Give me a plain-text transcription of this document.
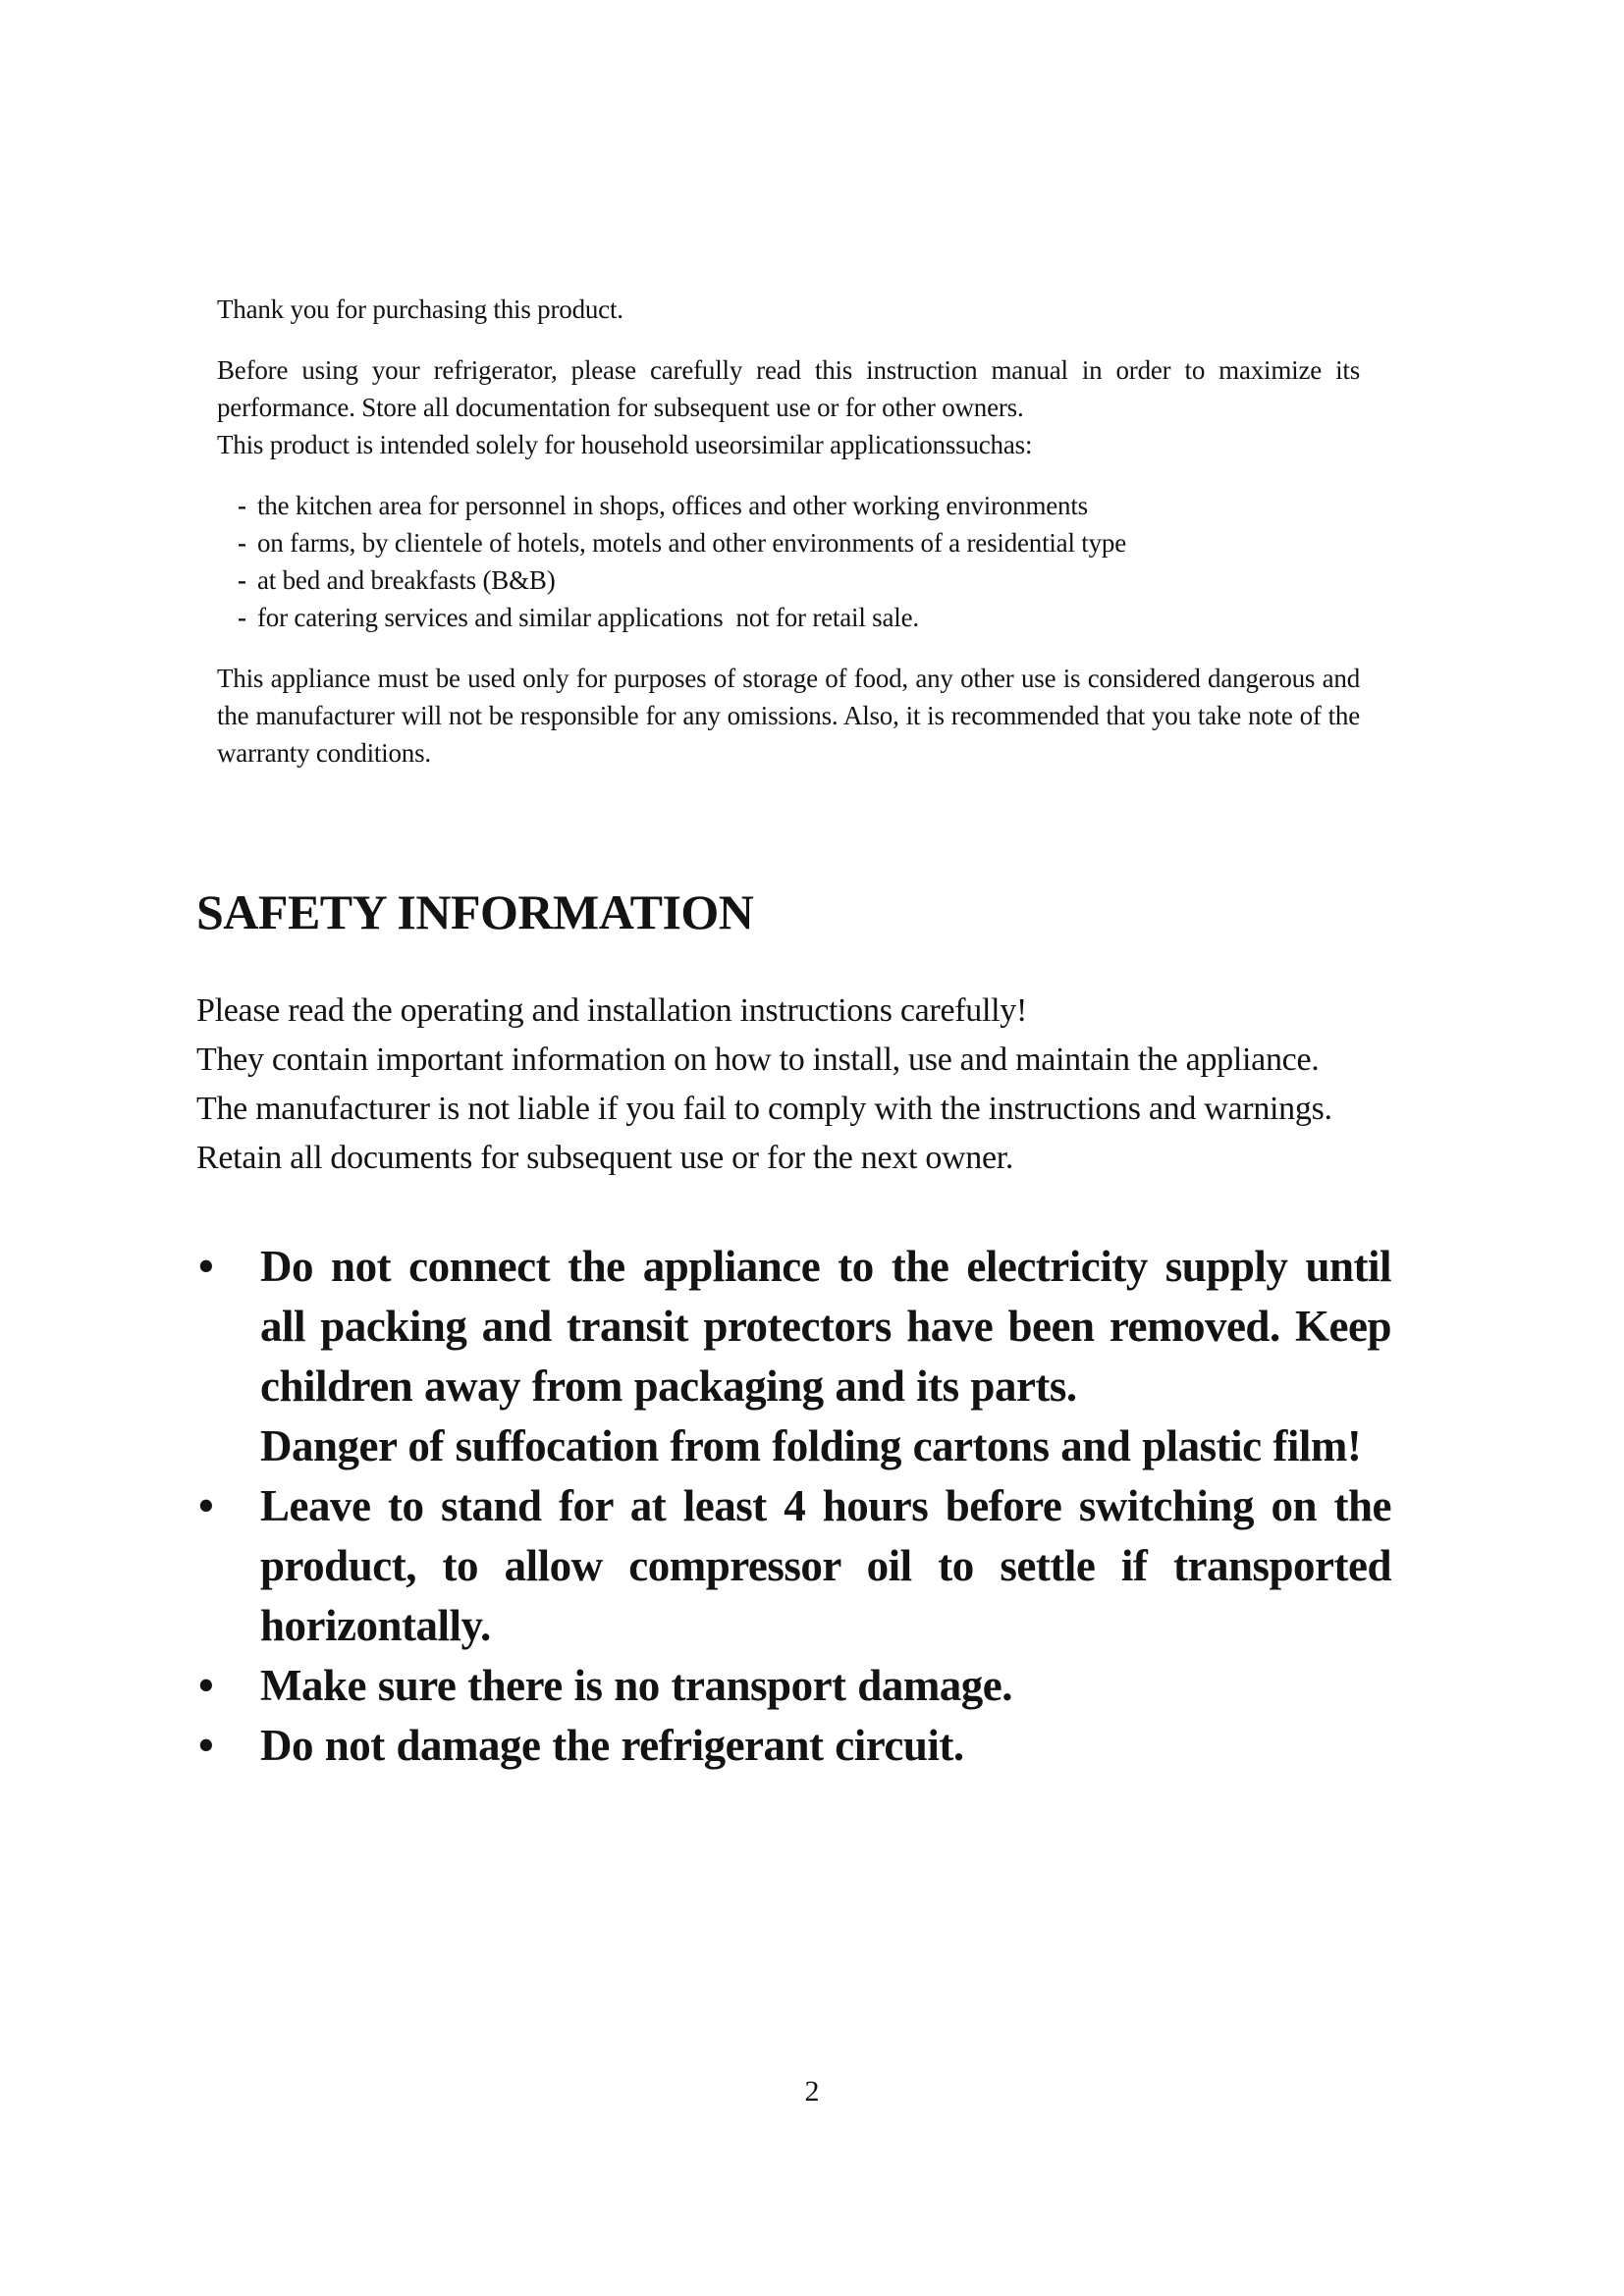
Thank you for purchasing this product.

Before using your refrigerator, please carefully read this instruction manual in order to maximize its performance. Store all documentation for subsequent use or for other owners.

This product is intended solely for household useorsimilar applicationssuchas:

- the kitchen area for personnel in shops, offices and other working environments
- on farms, by clientele of hotels, motels and other environments of a residential type
- at bed and breakfasts (B&B)
- for catering services and similar applications  not for retail sale.

This appliance must be used only for purposes of storage of food, any other use is considered dangerous and the manufacturer will not be responsible for any omissions. Also, it is recommended that you take note of the warranty conditions.

SAFETY INFORMATION

Please read the operating and installation instructions carefully!

They contain important information on how to install, use and maintain the appliance.

The manufacturer is not liable if you fail to comply with the instructions and warnings.

Retain all documents for subsequent use or for the next owner.

•	Do not connect the appliance to the electricity supply until all packing and transit protectors have been removed. Keep children away from packaging and its parts.

Danger of suffocation from folding cartons and plastic film!

•	Leave to stand for at least 4 hours before switching on the product, to allow compressor oil to settle if transported horizontally.

•	Make sure there is no transport damage.

•	Do not damage the refrigerant circuit.

2
